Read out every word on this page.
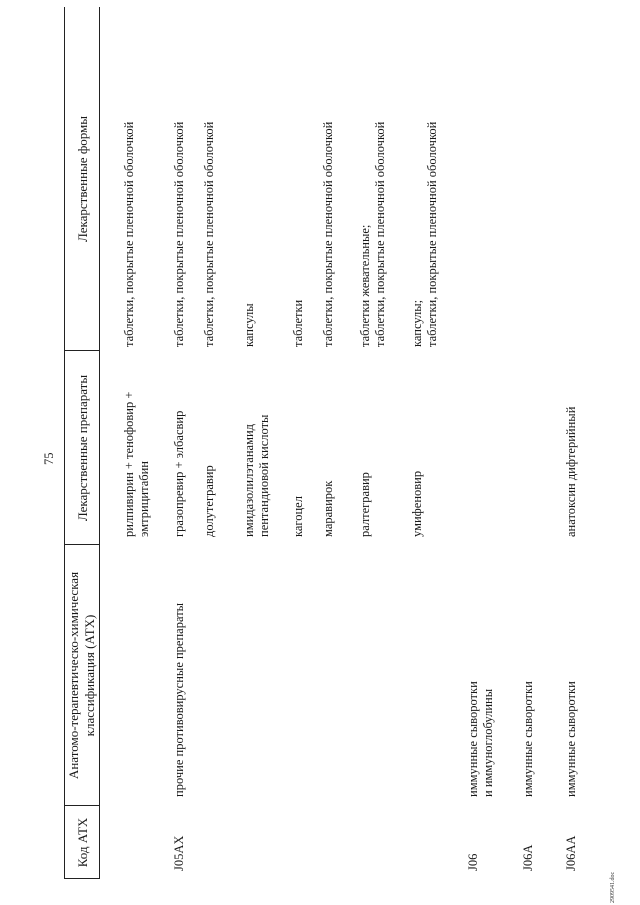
75
Код АТХ
Анатомо-терапевтическо-химическая классификация (АТХ)
Лекарственные препараты
Лекарственные формы
рилпивирин + тенофовир + эмтрицитабин
таблетки, покрытые пленочной оболочкой
J05AX
прочие противовирусные препараты
гразопревир + элбасвир
таблетки, покрытые пленочной оболочкой
долутегравир
таблетки, покрытые пленочной оболочкой
имидазолилэтанамид пентандиовой кислоты
капсулы
кагоцел
таблетки
маравирок
таблетки, покрытые пленочной оболочкой
ралтегравир
таблетки жевательные; таблетки, покрытые пленочной оболочкой
умифеновир
капсулы; таблетки, покрытые пленочной оболочкой
J06
иммунные сыворотки и иммуноглобулины
J06A
иммунные сыворотки
J06AA
иммунные сыворотки
анатоксин дифтерийный
2909541.doc
